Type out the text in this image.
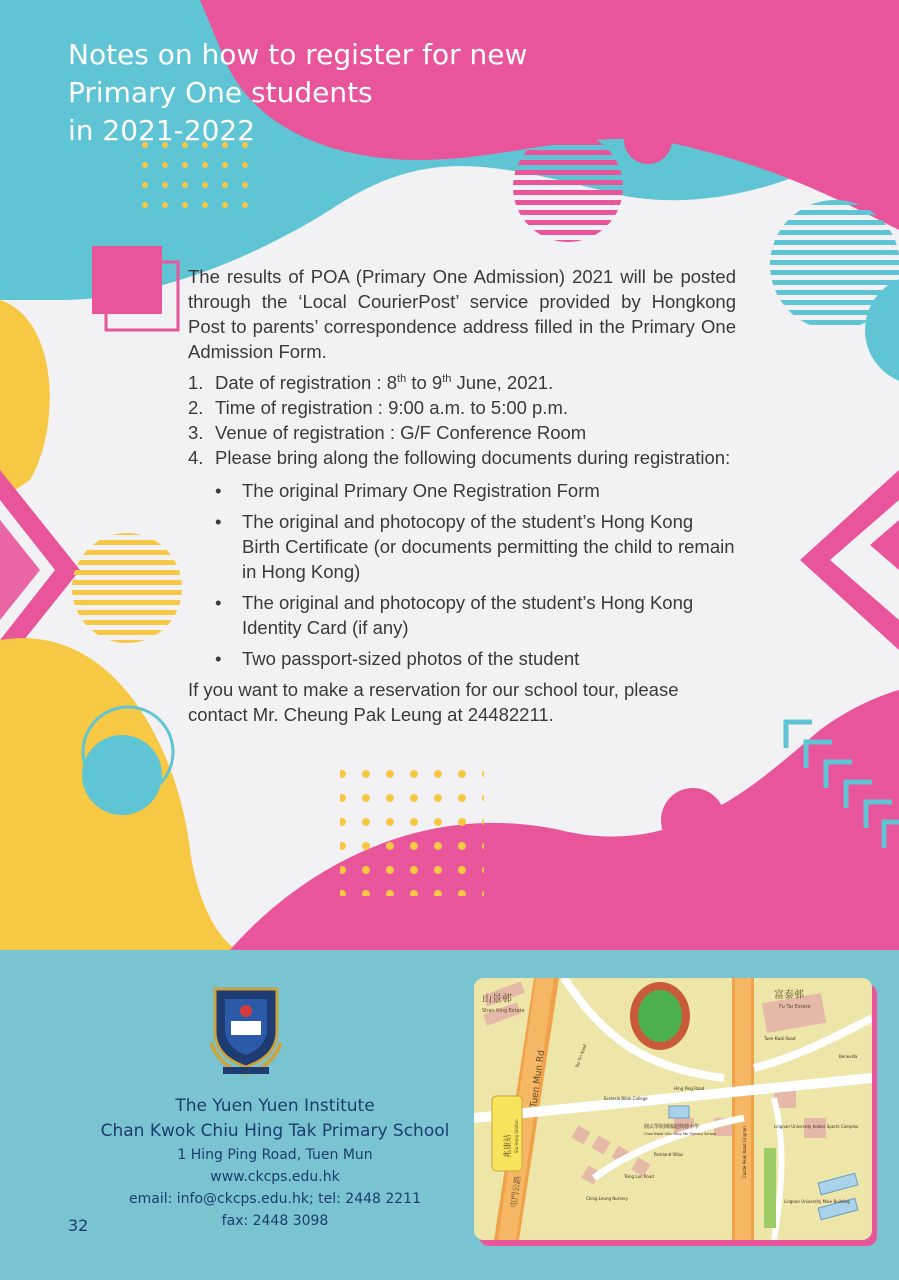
Notes on how to register for new
Primary One students
in 2021-2022

The results of POA (Primary One Admission) 2021 will be posted through the ‘Local CourierPost’ service provided by Hongkong Post to parents’ correspondence address filled in the Primary One Admission Form.

1. Date of registration : 8th to 9th June, 2021.
2. Time of registration : 9:00 a.m. to 5:00 p.m.
3. Venue of registration : G/F Conference Room
4. Please bring along the following documents during registration:
• The original Primary One Registration Form
• The original and photocopy of the student’s Hong Kong Birth Certificate (or documents permitting the child to remain in Hong Kong)
• The original and photocopy of the student’s Hong Kong Identity Card (if any)
• Two passport-sized photos of the student

If you want to make a reservation for our school tour, please contact Mr. Cheung Pak Leung at 24482211.

The Yuen Yuen Institute
Chan Kwok Chiu Hing Tak Primary School
1 Hing Ping Road, Tuen Mun
www.ckcps.edu.hk
email: info@ckcps.edu.hk; tel: 2448 2211
fax: 2448 3098
32
山景邨
Shan King Estate
富泰邨
Fu Tai Estate
Tuen Mun Rd
屯門公路
兆康站 Siu Hong Station	圓玄學院陳國超興德小學
Chan Kwok Chiu Hing Tak Primary School
Tuen Kwai Road
Castle Peak Road Lingnan	Lingnan University Indoor Sports Complex
Lingnan University Main Building
Parkland Villas
Benevilla
Ching Leung Nursery
Ecclesia Bible College
Hing Ping Road
Tsz Tin Road
Tsing Lun Road
